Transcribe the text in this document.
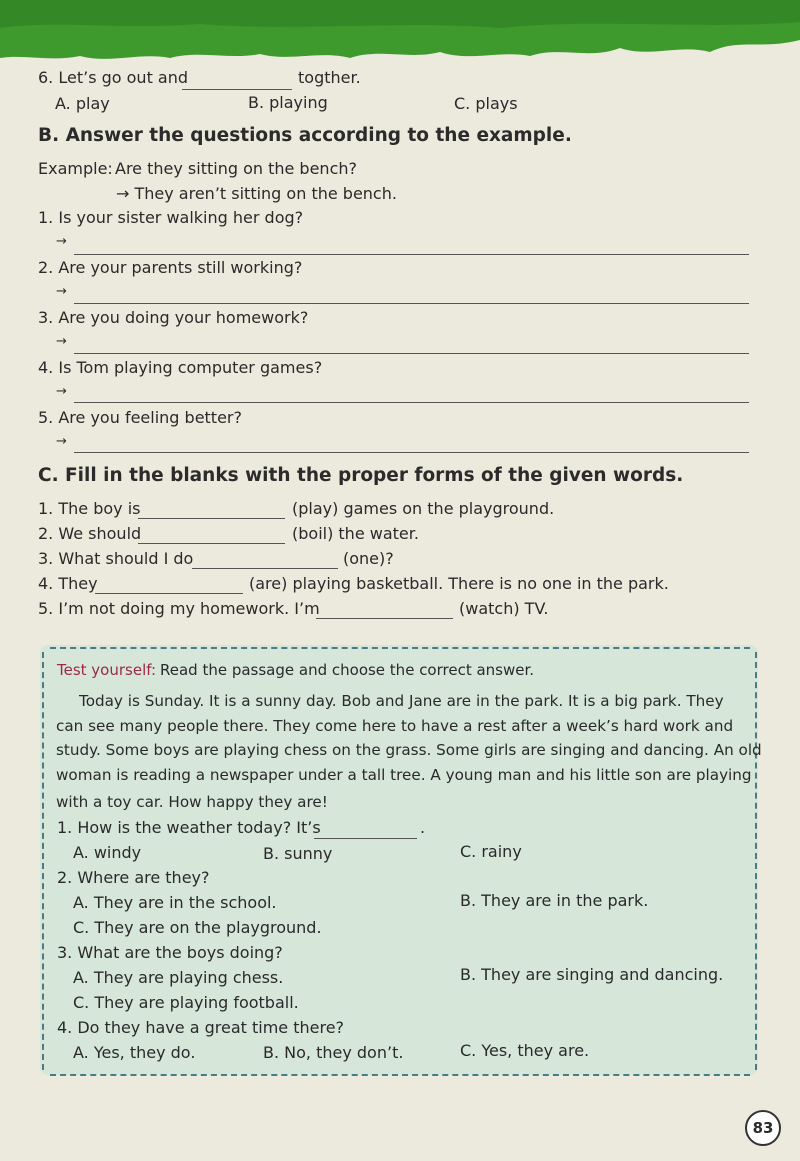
6. Let’s go out and	togther.
A. play	B. playing	C. plays
B. Answer the questions according to the example.
Example: Are they sitting on the bench?
→ They aren’t sitting on the bench.
1. Is your sister walking her dog?
→
2. Are your parents still working?
→
3. Are you doing your homework?
→
4. Is Tom playing computer games?
→
5. Are you feeling better?
→
C. Fill in the blanks with the proper forms of the given words.
1. The boy is	(play) games on the playground.
2. We should	(boil) the water.
3. What should I do	(one)?
4. They	(are) playing basketball. There is no one in the park.
5. I’m not doing my homework. I’m	(watch) TV.
Test yourself: Read the passage and choose the correct answer.
Today is Sunday. It is a sunny day. Bob and Jane are in the park. It is a big park. They
can see many people there. They come here to have a rest after a week’s hard work and
study. Some boys are playing chess on the grass. Some girls are singing and dancing. An old
woman is reading a newspaper under a tall tree. A young man and his little son are playing
with a toy car. How happy they are!
1. How is the weather today? It’s	.
A. windy	B. sunny	C. rainy
2. Where are they?
A. They are in the school.	B. They are in the park.
C. They are on the playground.
3. What are the boys doing?
A. They are playing chess.	B. They are singing and dancing.
C. They are playing football.
4. Do they have a great time there?
A. Yes, they do.	B. No, they don’t.	C. Yes, they are.
83
